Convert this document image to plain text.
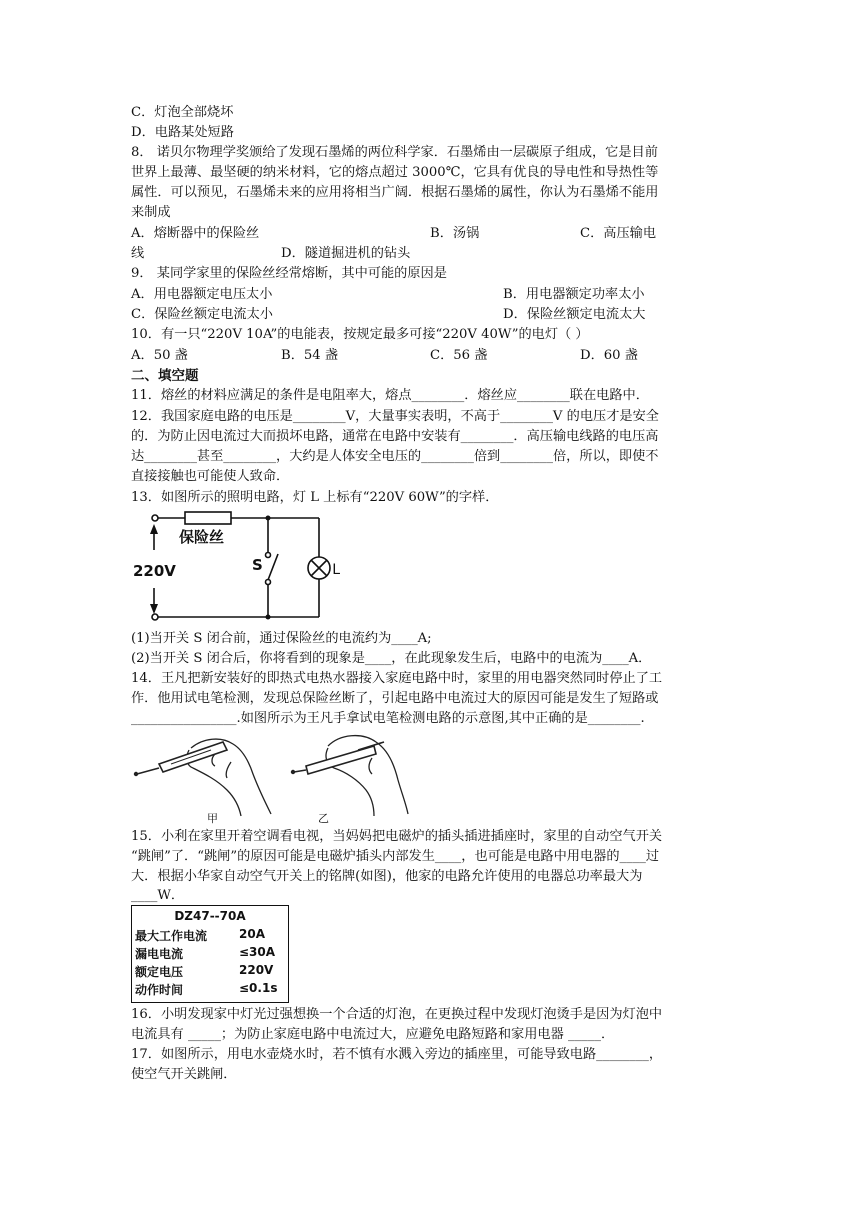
C．灯泡全部烧坏
D．电路某处短路
8． 诺贝尔物理学奖颁给了发现石墨烯的两位科学家．石墨烯由一层碳原子组成，它是目前
世界上最薄、最坚硬的纳米材料，它的熔点超过 3000℃，它具有优良的导电性和导热性等
属性．可以预见，石墨烯未来的应用将相当广阔．根据石墨烯的属性，你认为石墨烯不能用
来制成
A．熔断器中的保险丝	B．汤锅	C．高压输电
线	D．隧道掘进机的钻头
9． 某同学家里的保险丝经常熔断，其中可能的原因是
A．用电器额定电压太小	B．用电器额定功率太小
C．保险丝额定电流太小	D．保险丝额定电流太大
10．有一只“220V 10A”的电能表，按规定最多可接“220V 40W”的电灯（ ）
A．50 盏	B．54 盏	C．56 盏	D．60 盏
二、填空题
11．熔丝的材料应满足的条件是电阻率大，熔点________．熔丝应________联在电路中．
12．我国家庭电路的电压是________V，大量事实表明，不高于________V 的电压才是安全
的．为防止因电流过大而损坏电路，通常在电路中安装有________．高压输电线路的电压高
达________甚至________，大约是人体安全电压的________倍到________倍，所以，即使不
直接接触也可能使人致命．
13．如图所示的照明电路，灯 L 上标有“220V 60W”的字样．
保险丝
220V	S	L
(1)当开关 S 闭合前，通过保险丝的电流约为____A;
(2)当开关 S 闭合后，你将看到的现象是____，在此现象发生后，电路中的电流为____A．
14．王凡把新安装好的即热式电热水器接入家庭电路中时，家里的用电器突然同时停止了工
作．他用试电笔检测，发现总保险丝断了，引起电路中电流过大的原因可能是发生了短路或
________________.如图所示为王凡手拿试电笔检测电路的示意图,其中正确的是________.
甲	乙
15．小利在家里开着空调看电视，当妈妈把电磁炉的插头插进插座时，家里的自动空气开关
“跳闸”了．“跳闸”的原因可能是电磁炉插头内部发生____，也可能是电路中用电器的____过
大．根据小华家自动空气开关上的铭牌(如图)，他家的电路允许使用的电器总功率最大为
____W．
DZ47--70A
最大工作电流	20A
漏电电流	≤30A
额定电压	220V
动作时间	≤0.1s
16．小明发现家中灯光过强想换一个合适的灯泡，在更换过程中发现灯泡烫手是因为灯泡中
电流具有 _____；为防止家庭电路中电流过大，应避免电路短路和家用电器 _____．
17．如图所示，用电水壶烧水时，若不慎有水溅入旁边的插座里，可能导致电路________，
使空气开关跳闸．
